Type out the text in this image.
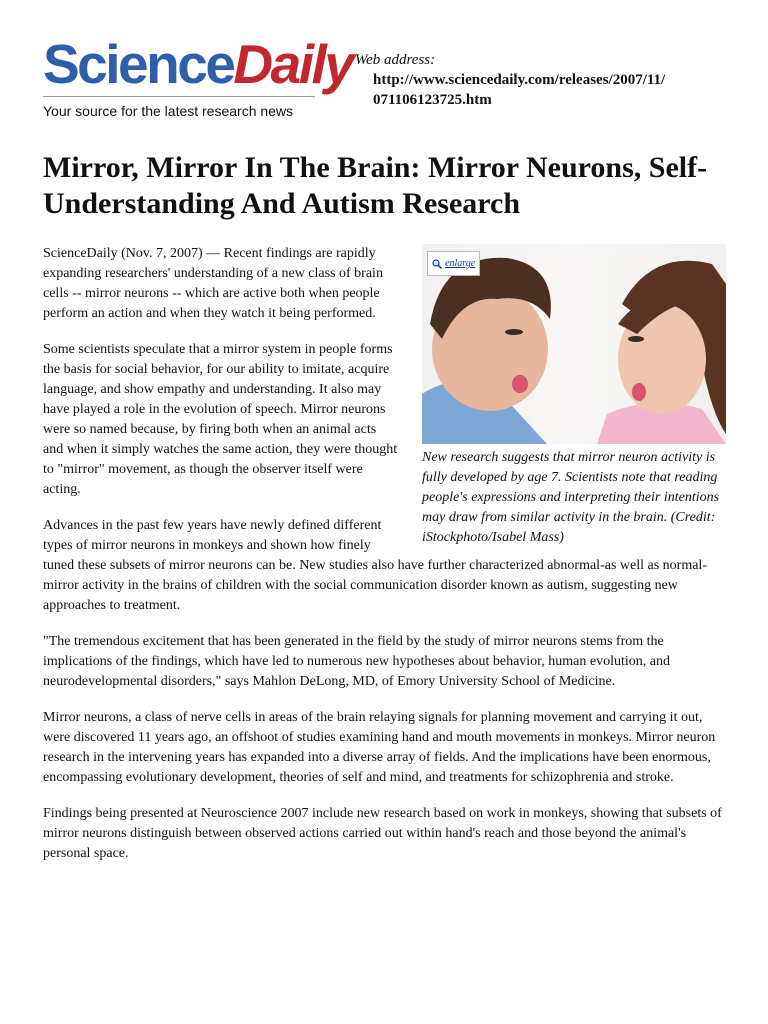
ScienceDaily
Your source for the latest research news
Web address:
http://www.sciencedaily.com/releases/2007/11/
071106123725.htm
Mirror, Mirror In The Brain: Mirror Neurons, Self-Understanding And Autism Research
enlarge
New research suggests that mirror neuron activity is fully developed by age 7. Scientists note that reading people's expressions and interpreting their intentions may draw from similar activity in the brain. (Credit: iStockphoto/Isabel Mass)

ScienceDaily (Nov. 7, 2007) — Recent findings are rapidly expanding researchers' understanding of a new class of brain cells -- mirror neurons -- which are active both when people perform an action and when they watch it being performed.

Some scientists speculate that a mirror system in people forms the basis for social behavior, for our ability to imitate, acquire language, and show empathy and understanding. It also may have played a role in the evolution of speech. Mirror neurons were so named because, by firing both when an animal acts and when it simply watches the same action, they were thought to "mirror" movement, as though the observer itself were acting.

Advances in the past few years have newly defined different types of mirror neurons in monkeys and shown how finely tuned these subsets of mirror neurons can be. New studies also have further characterized abnormal-as well as normal-mirror activity in the brains of children with the social communication disorder known as autism, suggesting new approaches to treatment.

"The tremendous excitement that has been generated in the field by the study of mirror neurons stems from the implications of the findings, which have led to numerous new hypotheses about behavior, human evolution, and neurodevelopmental disorders," says Mahlon DeLong, MD, of Emory University School of Medicine.

Mirror neurons, a class of nerve cells in areas of the brain relaying signals for planning movement and carrying it out, were discovered 11 years ago, an offshoot of studies examining hand and mouth movements in monkeys. Mirror neuron research in the intervening years has expanded into a diverse array of fields. And the implications have been enormous, encompassing evolutionary development, theories of self and mind, and treatments for schizophrenia and stroke.

Findings being presented at Neuroscience 2007 include new research based on work in monkeys, showing that subsets of mirror neurons distinguish between observed actions carried out within hand's reach and those beyond the animal's personal space.
